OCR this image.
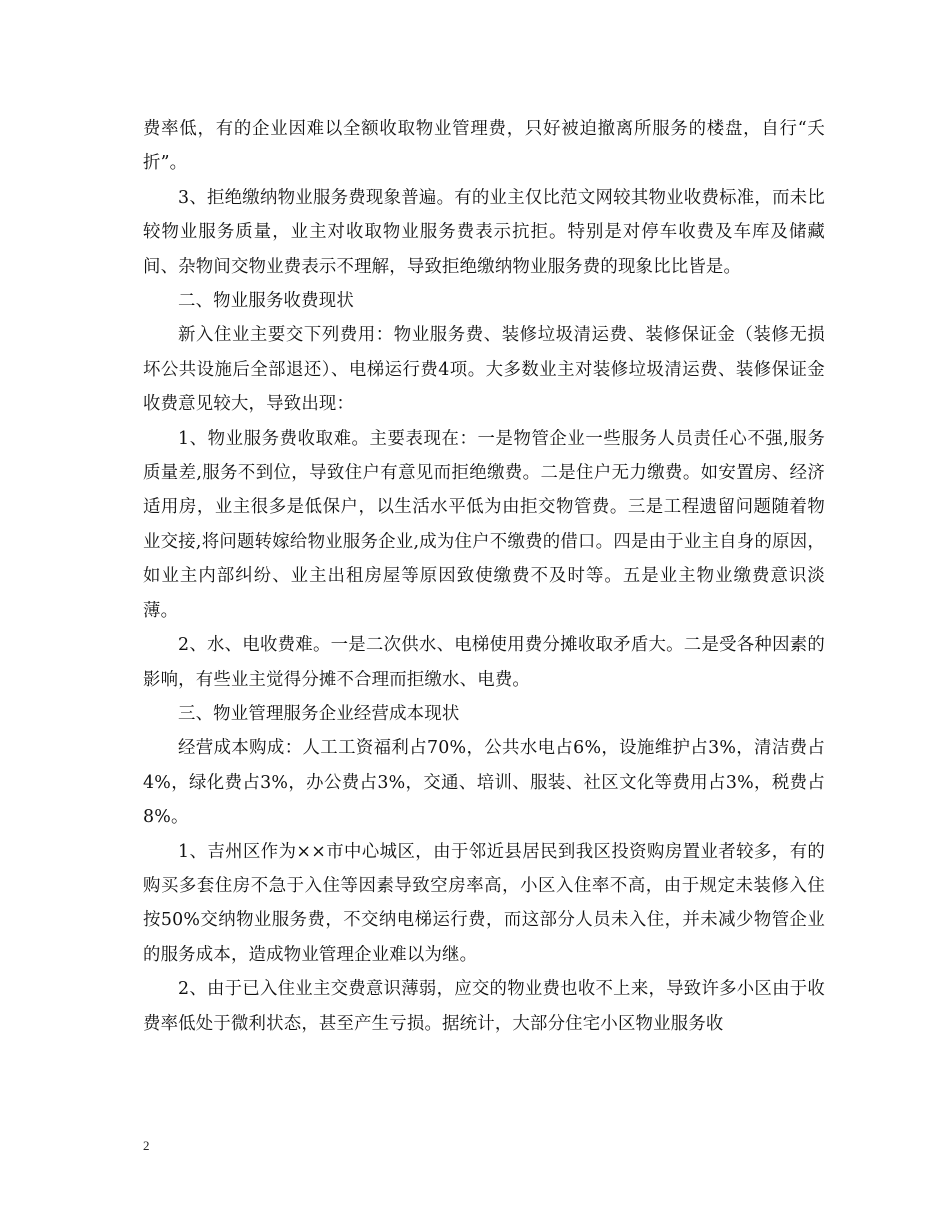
费率低，有的企业因难以全额收取物业管理费，只好被迫撤离所服务的楼盘，自行“夭折”。

3、拒绝缴纳物业服务费现象普遍。有的业主仅比范文网较其物业收费标准，而未比较物业服务质量，业主对收取物业服务费表示抗拒。特别是对停车收费及车库及储藏间、杂物间交物业费表示不理解，导致拒绝缴纳物业服务费的现象比比皆是。

二、物业服务收费现状

新入住业主要交下列费用：物业服务费、装修垃圾清运费、装修保证金（装修无损坏公共设施后全部退还）、电梯运行费4项。大多数业主对装修垃圾清运费、装修保证金收费意见较大，导致出现：

1、物业服务费收取难。主要表现在：一是物管企业一些服务人员责任心不强,服务质量差,服务不到位，导致住户有意见而拒绝缴费。二是住户无力缴费。如安置房、经济适用房，业主很多是低保户，以生活水平低为由拒交物管费。三是工程遗留问题随着物业交接,将问题转嫁给物业服务企业,成为住户不缴费的借口。四是由于业主自身的原因，如业主内部纠纷、业主出租房屋等原因致使缴费不及时等。五是业主物业缴费意识淡薄。

2、水、电收费难。一是二次供水、电梯使用费分摊收取矛盾大。二是受各种因素的影响，有些业主觉得分摊不合理而拒缴水、电费。

三、物业管理服务企业经营成本现状

经营成本购成：人工工资福利占70%，公共水电占6%，设施维护占3%，清洁费占4%，绿化费占3%，办公费占3%，交通、培训、服装、社区文化等费用占3%，税费占8%。

1、吉州区作为××市中心城区，由于邻近县居民到我区投资购房置业者较多，有的购买多套住房不急于入住等因素导致空房率高，小区入住率不高，由于规定未装修入住按50%交纳物业服务费，不交纳电梯运行费，而这部分人员未入住，并未减少物管企业的服务成本，造成物业管理企业难以为继。

2、由于已入住业主交费意识薄弱，应交的物业费也收不上来，导致许多小区由于收费率低处于微利状态，甚至产生亏损。据统计，大部分住宅小区物业服务收

2
